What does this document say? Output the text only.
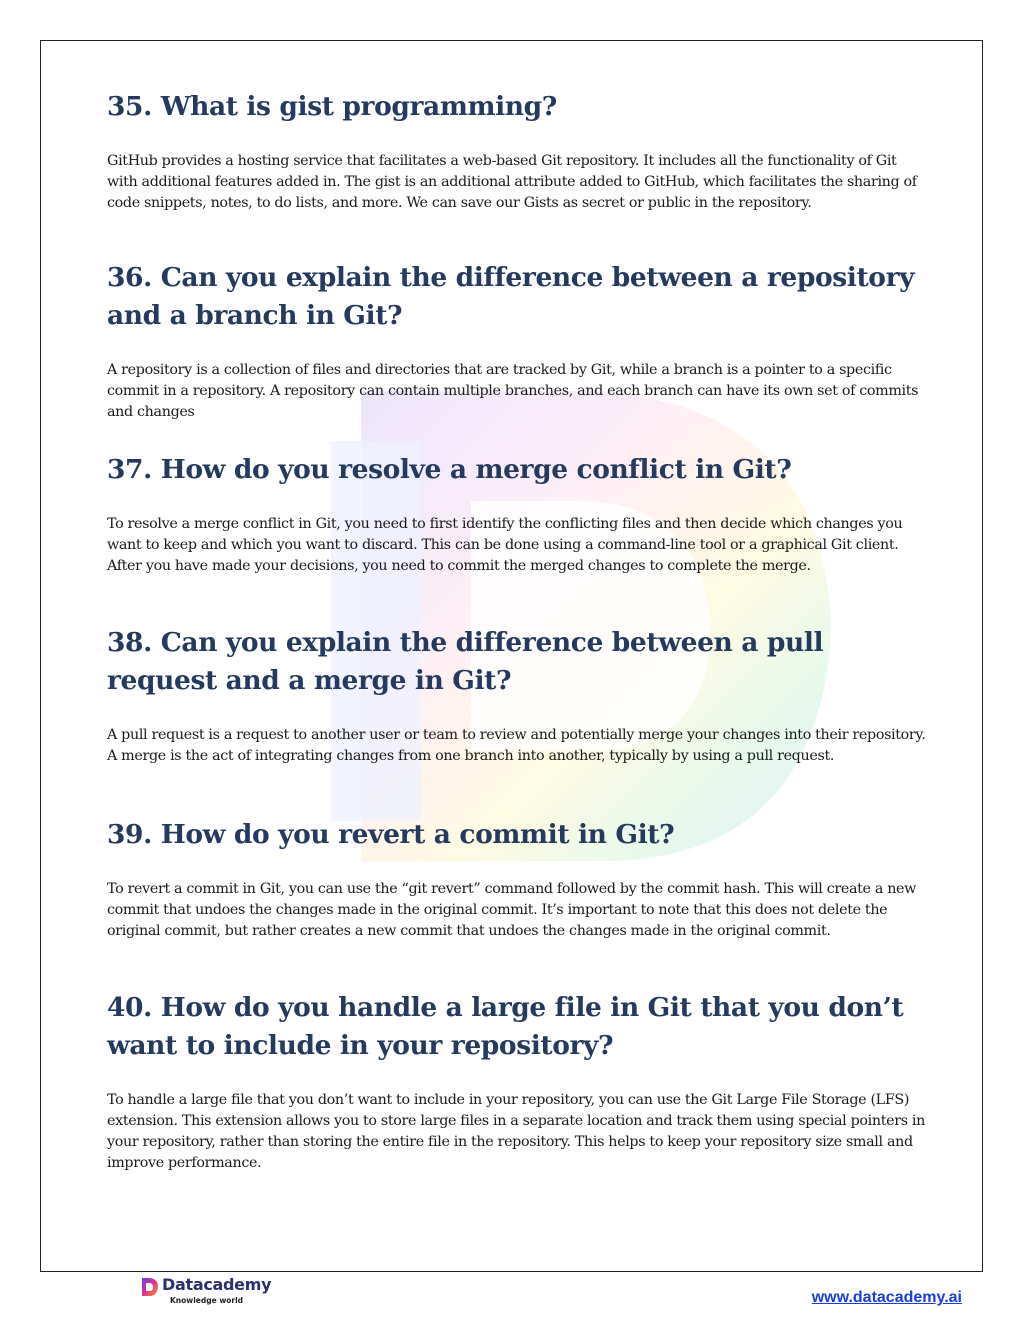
35. What is gist programming?

GitHub provides a hosting service that facilitates a web-based Git repository. It includes all the functionality of Git with additional features added in. The gist is an additional attribute added to GitHub, which facilitates the sharing of code snippets, notes, to do lists, and more. We can save our Gists as secret or public in the repository.

36. Can you explain the difference between a repository and a branch in Git?

A repository is a collection of files and directories that are tracked by Git, while a branch is a pointer to a specific commit in a repository. A repository can contain multiple branches, and each branch can have its own set of commits and changes

37. How do you resolve a merge conflict in Git?

To resolve a merge conflict in Git, you need to first identify the conflicting files and then decide which changes you want to keep and which you want to discard. This can be done using a command-line tool or a graphical Git client. After you have made your decisions, you need to commit the merged changes to complete the merge.

38. Can you explain the difference between a pull request and a merge in Git?

A pull request is a request to another user or team to review and potentially merge your changes into their repository. A merge is the act of integrating changes from one branch into another, typically by using a pull request.

39. How do you revert a commit in Git?

To revert a commit in Git, you can use the “git revert” command followed by the commit hash. This will create a new commit that undoes the changes made in the original commit. It’s important to note that this does not delete the original commit, but rather creates a new commit that undoes the changes made in the original commit.

40. How do you handle a large file in Git that you don’t want to include in your repository?

To handle a large file that you don’t want to include in your repository, you can use the Git Large File Storage (LFS) extension. This extension allows you to store large files in a separate location and track them using special pointers in your repository, rather than storing the entire file in the repository. This helps to keep your repository size small and improve performance.

Datacademy
Knowledge world	www.datacademy.ai
